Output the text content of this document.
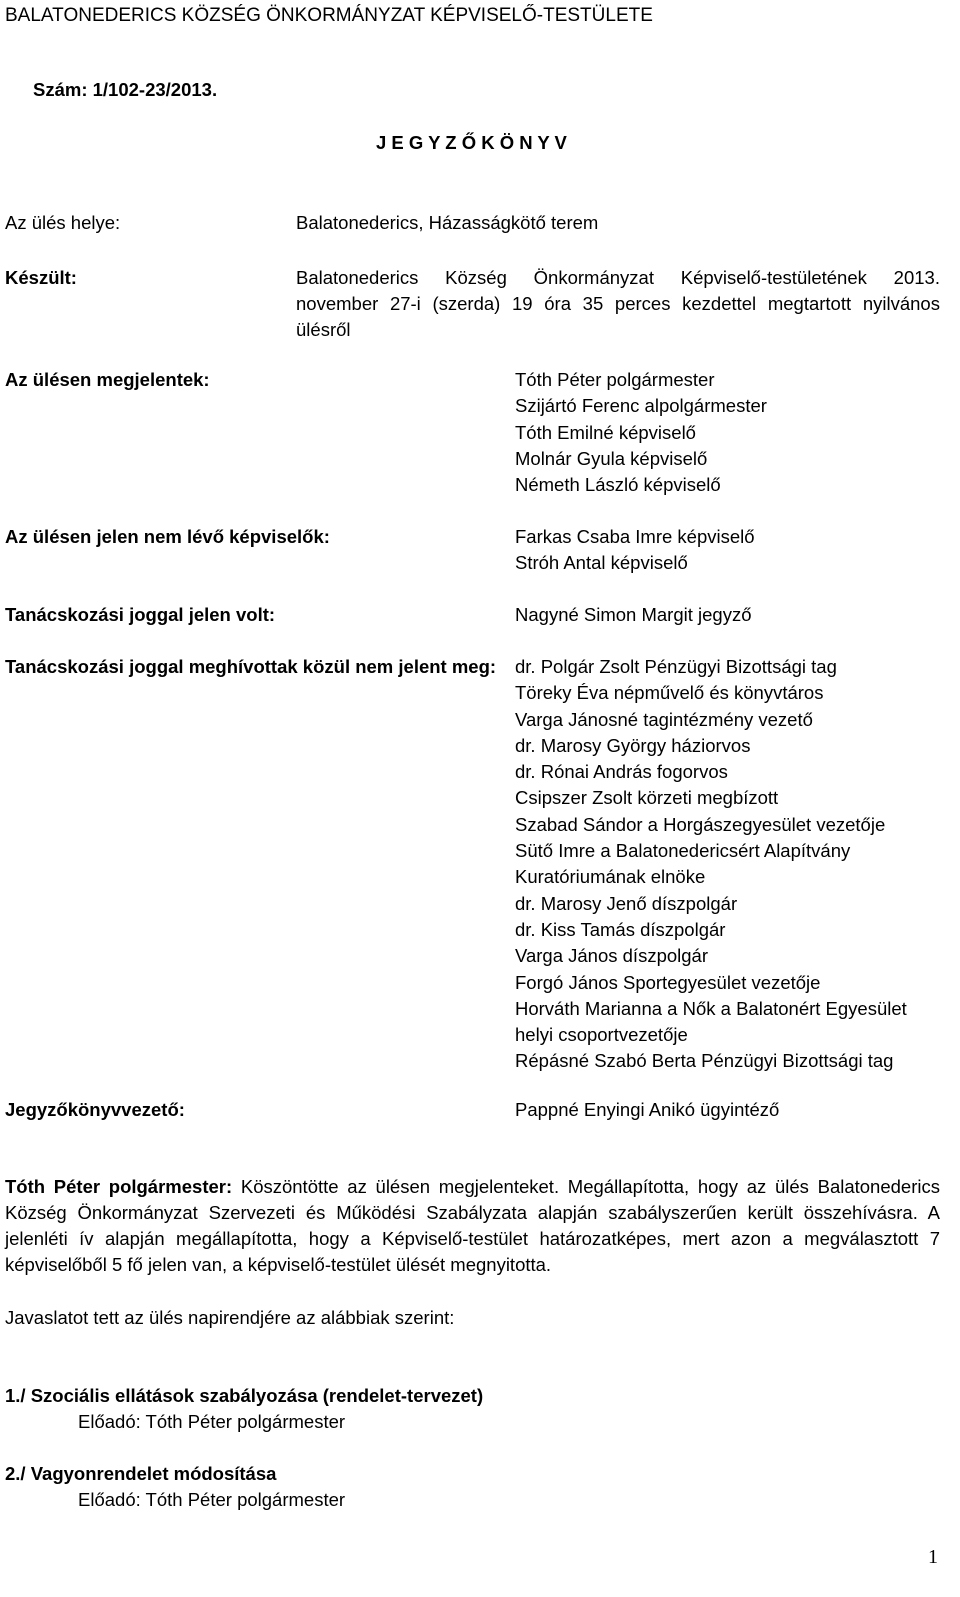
BALATONEDERICS KÖZSÉG ÖNKORMÁNYZAT KÉPVISELŐ-TESTÜLETE
Szám: 1/102-23/2013.
J E G Y Z Ő K Ö N Y V
Az ülés helye:	Balatonederics, Házasságkötő terem
Készült:	Balatonederics Község Önkormányzat Képviselő-testületének 2013.
november 27-i (szerda) 19 óra 35 perces kezdettel megtartott nyilvános
ülésről
Az ülésen megjelentek:	Tóth Péter polgármester
Szijártó Ferenc alpolgármester
Tóth Emilné képviselő
Molnár Gyula képviselő
Németh László képviselő
Az ülésen jelen nem lévő képviselők:	Farkas Csaba Imre képviselő
Stróh Antal képviselő
Tanácskozási joggal jelen volt:	Nagyné Simon Margit jegyző
Tanácskozási joggal meghívottak közül nem jelent meg: dr. Polgár Zsolt Pénzügyi Bizottsági tag
Töreky Éva népművelő és könyvtáros
Varga Jánosné tagintézmény vezető
dr. Marosy György háziorvos
dr. Rónai András fogorvos
Csipszer Zsolt körzeti megbízott
Szabad Sándor a Horgászegyesület vezetője
Sütő Imre a Balatonedericsért Alapítvány
Kuratóriumának elnöke
dr. Marosy Jenő díszpolgár
dr. Kiss Tamás díszpolgár
Varga János díszpolgár
Forgó János Sportegyesület vezetője
Horváth Marianna a Nők a Balatonért Egyesület
helyi csoportvezetője
Répásné Szabó Berta Pénzügyi Bizottsági tag
Jegyzőkönyvvezető:	Pappné Enyingi Anikó ügyintéző
Tóth Péter polgármester: Köszöntötte az ülésen megjelenteket. Megállapította, hogy az ülés Balatonederics Község Önkormányzat Szervezeti és Működési Szabályzata alapján szabályszerűen került összehívásra. A jelenléti ív alapján megállapította, hogy a Képviselő-testület határozatképes, mert azon a megválasztott 7 képviselőből 5 fő jelen van, a képviselő-testület ülését megnyitotta.
Javaslatot tett az ülés napirendjére az alábbiak szerint:
1./ Szociális ellátások szabályozása (rendelet-tervezet)
Előadó: Tóth Péter polgármester
2./ Vagyonrendelet módosítása
Előadó: Tóth Péter polgármester
1
